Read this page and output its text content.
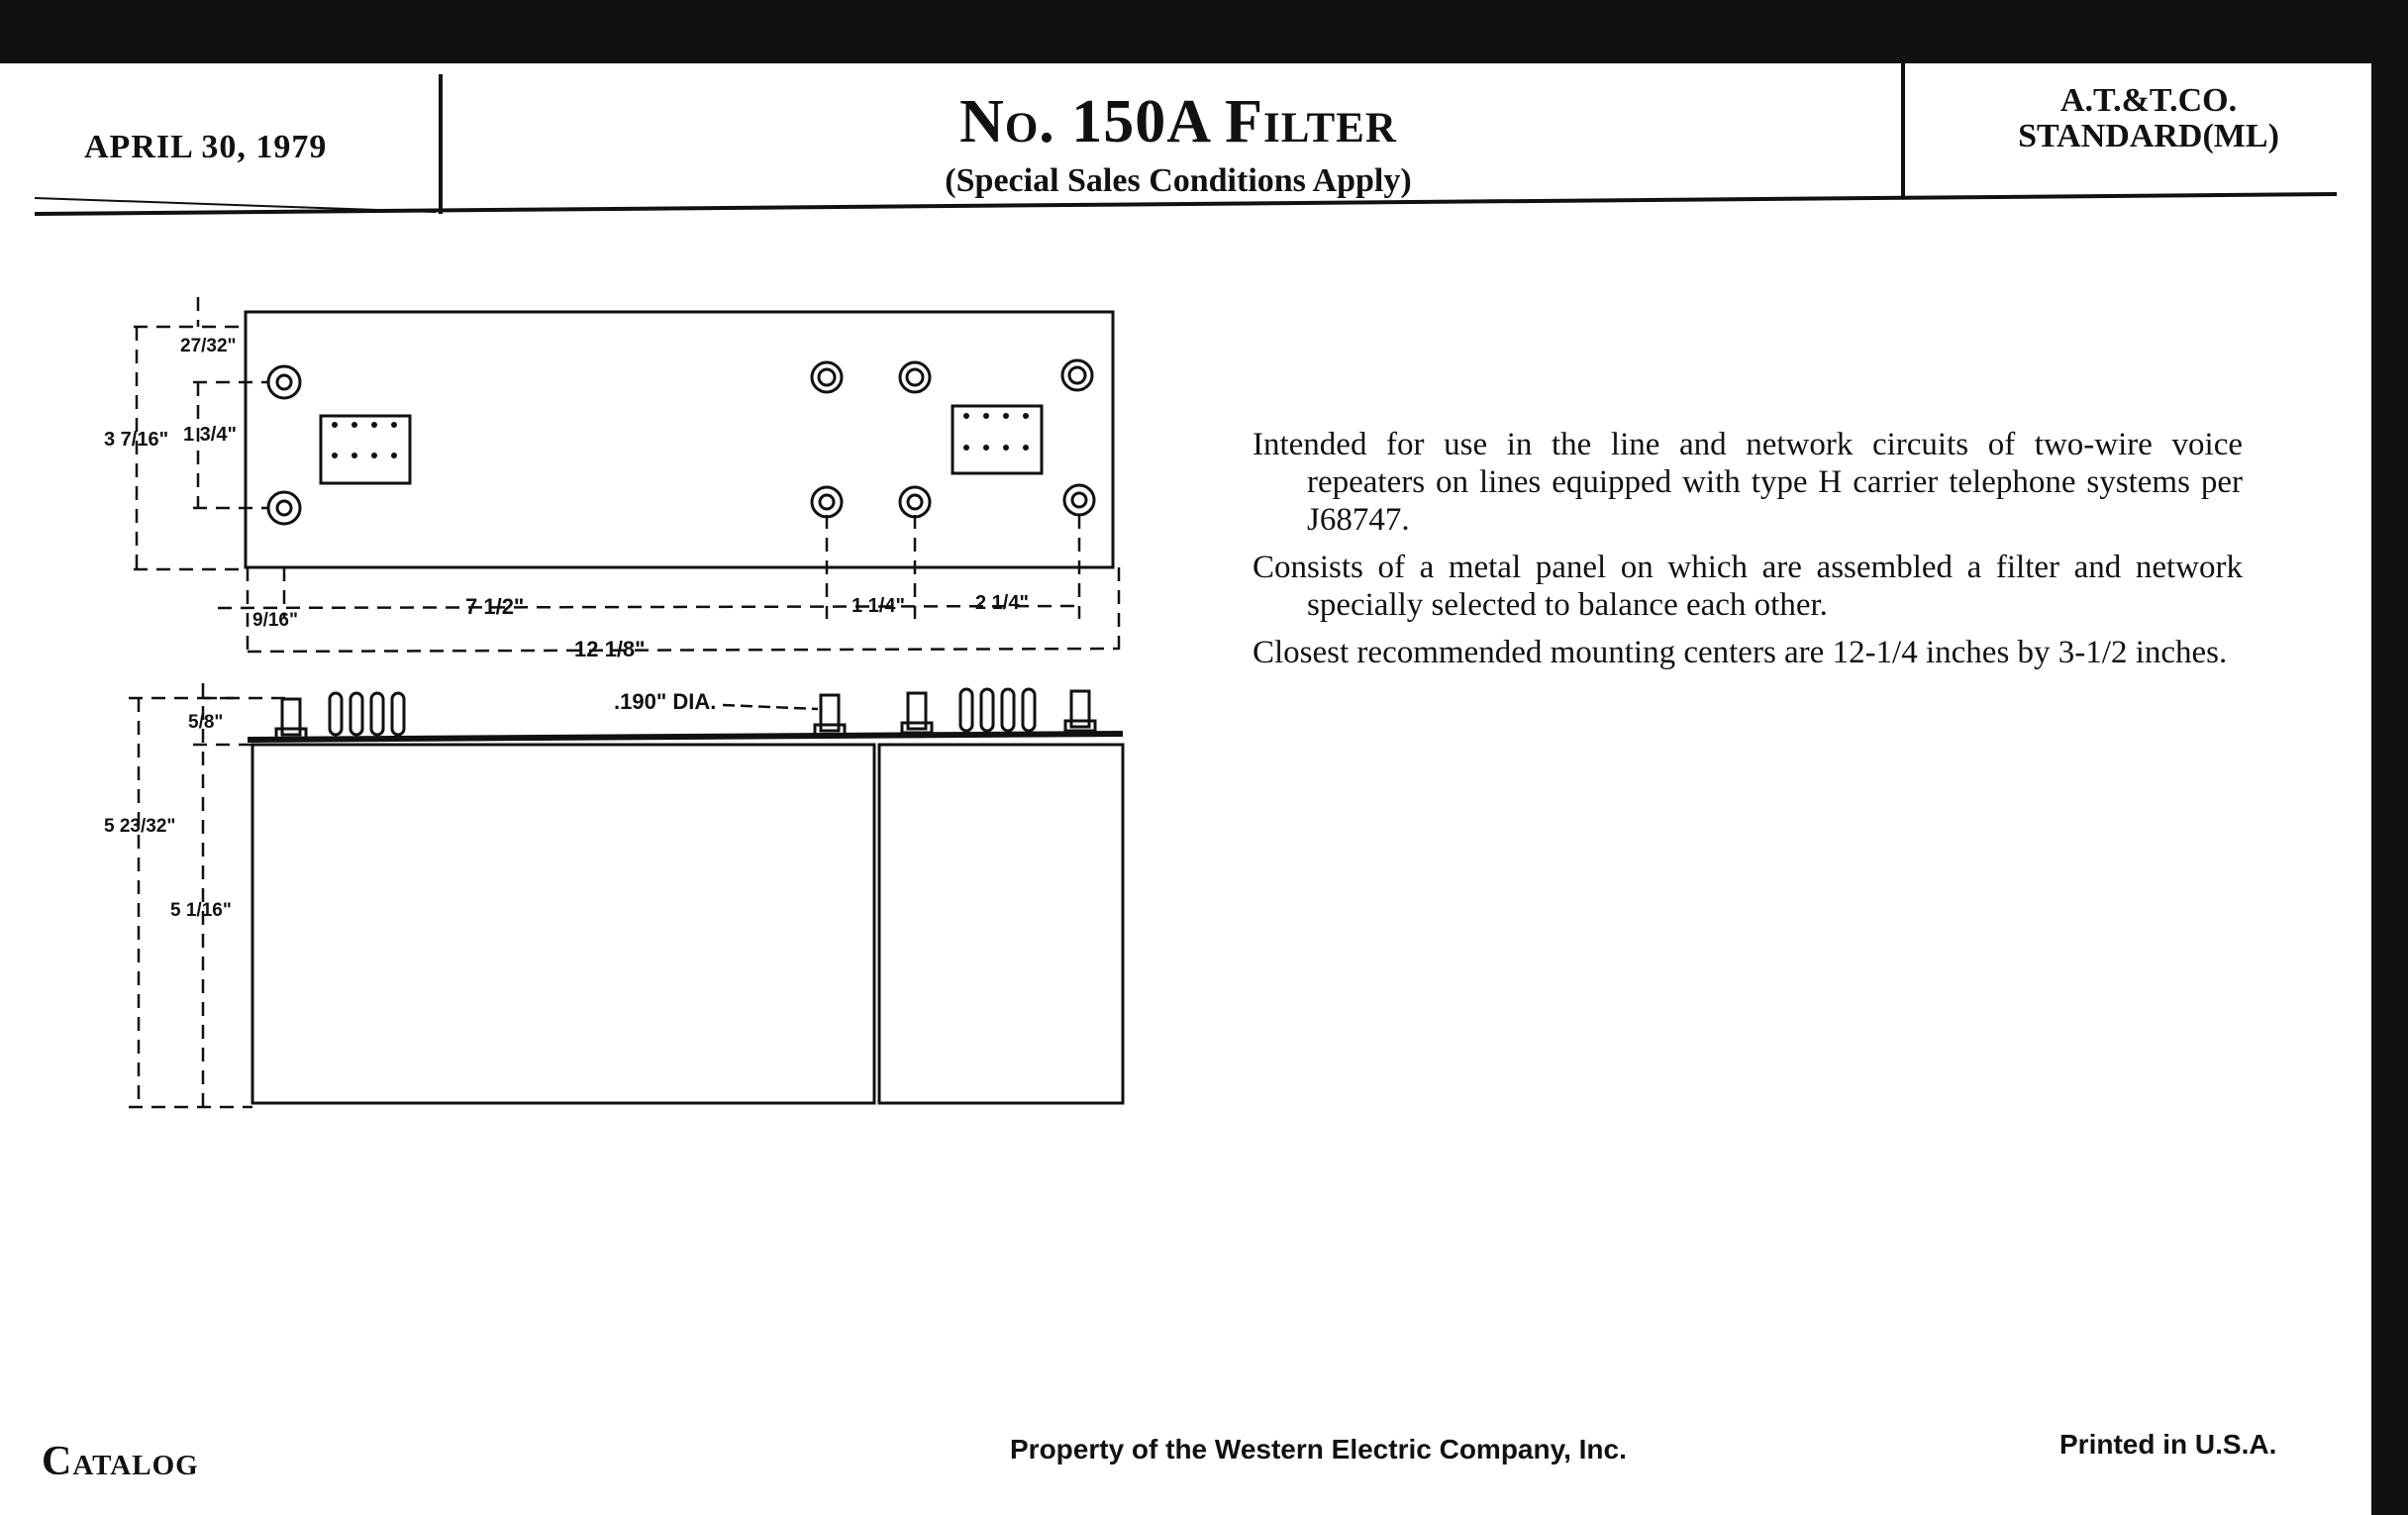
APRIL 30, 1979	No. 150A Filter
(Special Sales Conditions Apply)
A.T.&T.CO.
STANDARD(ML)
27/32"
3 7/16" 1 3/4"
9/16"
7 1/2"	1 1/4"	2 1/4"
12 1/8"
5/8"
5 23/32"
5 1/16"
.190" DIA.

Intended for use in the line and network circuits of two-wire voice repeaters on lines equipped with type H carrier telephone systems per J68747.

Consists of a metal panel on which are assembled a filter and network specially selected to balance each other.

Closest recommended mounting centers are 12-1/4 inches by 3-1/2 inches.

Catalog	Property of the Western Electric Company, Inc.	Printed in U.S.A.
